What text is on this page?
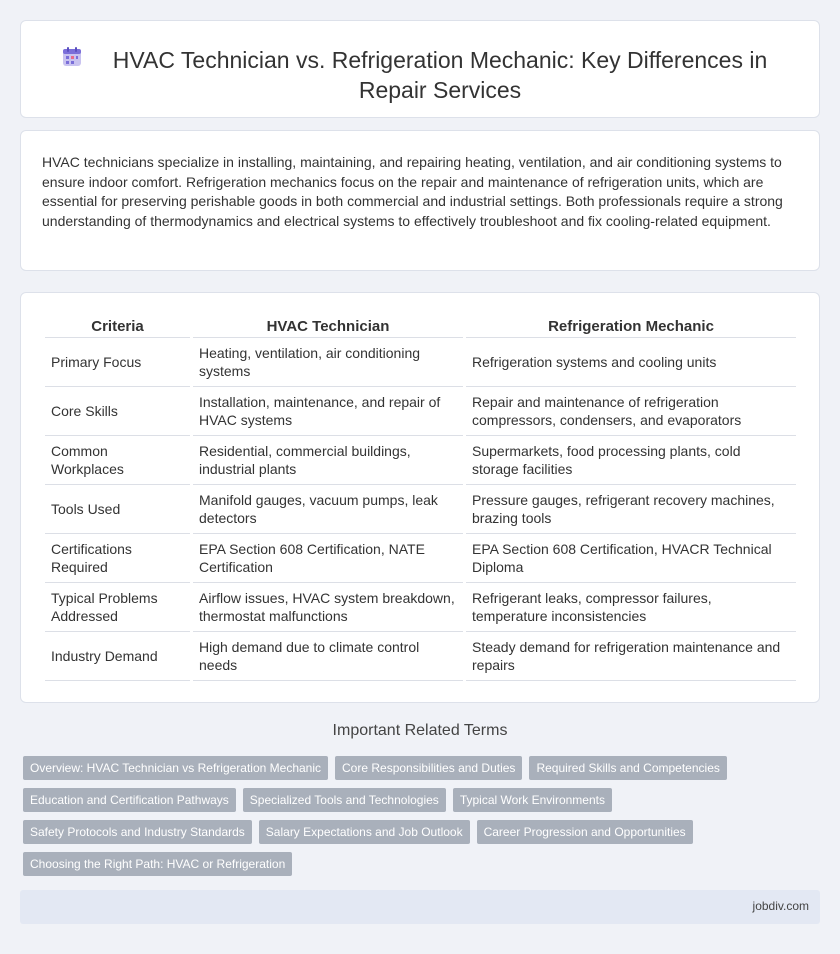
HVAC Technician vs. Refrigeration Mechanic: Key Differences in Repair Services

HVAC technicians specialize in installing, maintaining, and repairing heating, ventilation, and air conditioning systems to ensure indoor comfort. Refrigeration mechanics focus on the repair and maintenance of refrigeration units, which are essential for preserving perishable goods in both commercial and industrial settings. Both professionals require a strong understanding of thermodynamics and electrical systems to effectively troubleshoot and fix cooling-related equipment.

Criteria	HVAC Technician	Refrigeration Mechanic
Primary Focus	Heating, ventilation, air conditioning systems	Refrigeration systems and cooling units
Core Skills	Installation, maintenance, and repair of HVAC systems	Repair and maintenance of refrigeration compressors, condensers, and evaporators
Common Workplaces	Residential, commercial buildings, industrial plants	Supermarkets, food processing plants, cold storage facilities
Tools Used	Manifold gauges, vacuum pumps, leak detectors	Pressure gauges, refrigerant recovery machines, brazing tools
Certifications Required	EPA Section 608 Certification, NATE Certification	EPA Section 608 Certification, HVACR Technical Diploma
Typical Problems Addressed	Airflow issues, HVAC system breakdown, thermostat malfunctions	Refrigerant leaks, compressor failures, temperature inconsistencies
Industry Demand	High demand due to climate control needs	Steady demand for refrigeration maintenance and repairs
Important Related Terms
Overview: HVAC Technician vs Refrigeration Mechanic	Core Responsibilities and Duties	Required Skills and Competencies
Education and Certification Pathways	Specialized Tools and Technologies	Typical Work Environments
Safety Protocols and Industry Standards	Salary Expectations and Job Outlook	Career Progression and Opportunities
Choosing the Right Path: HVAC or Refrigeration
jobdiv.com
